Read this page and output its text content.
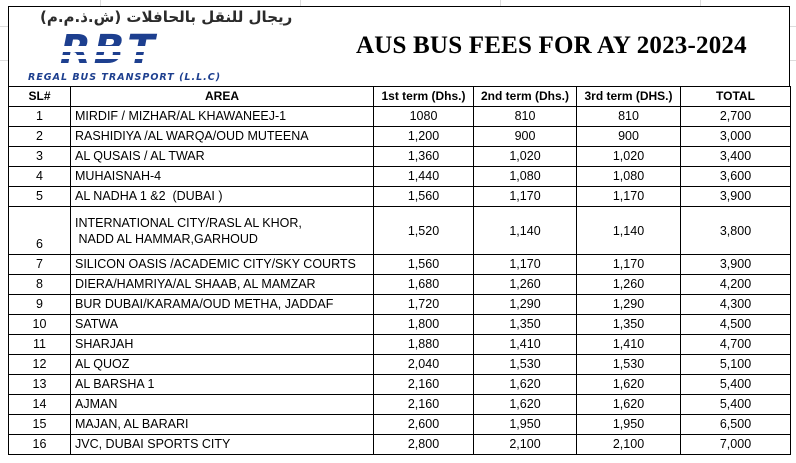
ريجال للنقل بالحافلات (ش.ذ.م.م)
REGAL BUS TRANSPORT (L.L.C)
AUS BUS FEES FOR AY 2023-2024
SL#	AREA	1st term (Dhs.)	2nd term (Dhs.)	3rd term (DHS.)	TOTAL
1	MIRDIF / MIZHAR/AL KHAWANEEJ-1	1080	810	810	2,700
2	RASHIDIYA /AL WARQA/OUD MUTEENA	1,200	900	900	3,000
3	AL QUSAIS / AL TWAR	1,360	1,020	1,020	3,400
4	MUHAISNAH-4	1,440	1,080	1,080	3,600
5	AL NADHA 1 &2  (DUBAI )	1,560	1,170	1,170	3,900
6	INTERNATIONAL CITY/RASL AL KHOR,
NADD AL HAMMAR,GARHOUD	1,520	1,140	1,140	3,800
7	SILICON OASIS /ACADEMIC CITY/SKY COURTS	1,560	1,170	1,170	3,900
8	DIERA/HAMRIYA/AL SHAAB, AL MAMZAR	1,680	1,260	1,260	4,200
9	BUR DUBAI/KARAMA/OUD METHA, JADDAF	1,720	1,290	1,290	4,300
10	SATWA	1,800	1,350	1,350	4,500
11	SHARJAH	1,880	1,410	1,410	4,700
12	AL QUOZ	2,040	1,530	1,530	5,100
13	AL BARSHA 1	2,160	1,620	1,620	5,400
14	AJMAN	2,160	1,620	1,620	5,400
15	MAJAN, AL BARARI	2,600	1,950	1,950	6,500
16	JVC, DUBAI SPORTS CITY	2,800	2,100	2,100	7,000
